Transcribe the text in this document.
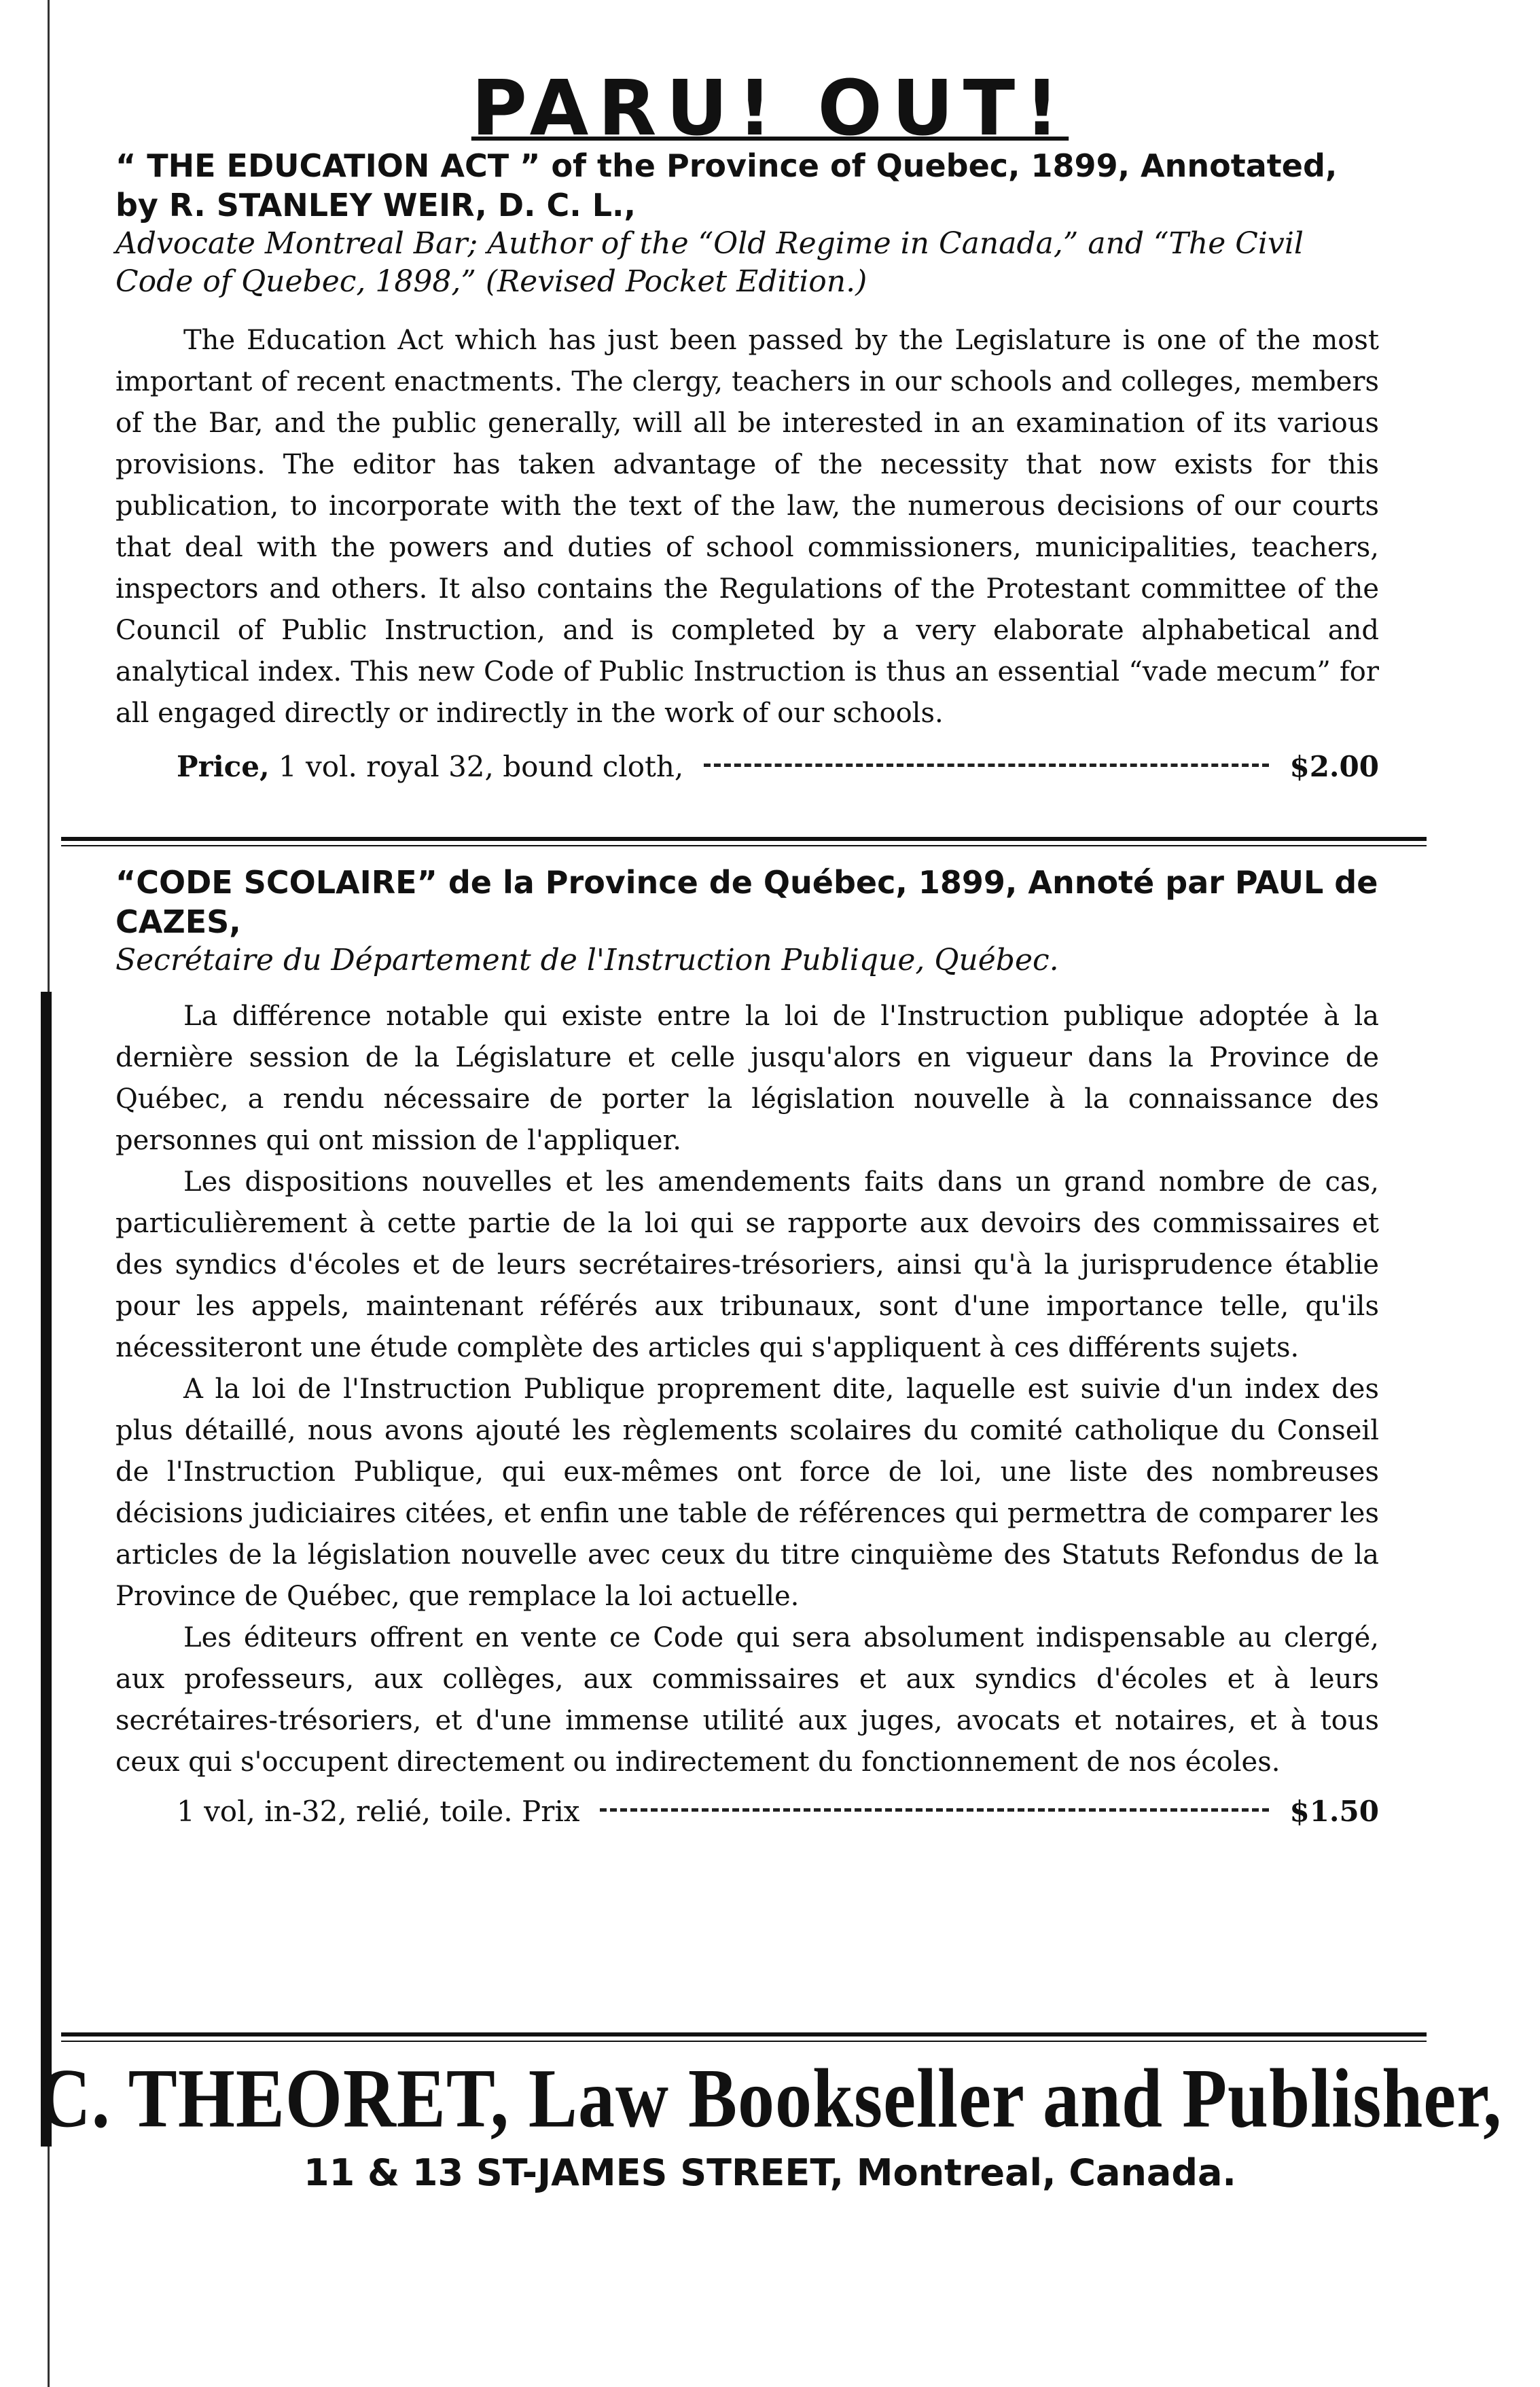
PARU! OUT!

“ THE EDUCATION ACT ” of the Province of Quebec, 1899, Annotated, by R. STANLEY WEIR, D. C. L.,

Advocate Montreal Bar; Author of the “Old Regime in Canada,” and “The Civil Code of Quebec, 1898,” (Revised Pocket Edition.)

The Education Act which has just been passed by the Legislature is one of the most important of recent enactments. The clergy, teachers in our schools and colleges, members of the Bar, and the public generally, will all be interested in an examination of its various provisions. The editor has taken advantage of the necessity that now exists for this publication, to incorporate with the text of the law, the numerous decisions of our courts that deal with the powers and duties of school commissioners, municipalities, teachers, inspectors and others. It also contains the Regulations of the Protestant committee of the Council of Public Instruction, and is completed by a very elaborate alphabetical and analytical index. This new Code of Public Instruction is thus an essential “vade mecum” for all engaged directly or indirectly in the work of our schools.

Price, 1 vol. royal 32, bound cloth,	$2.00

“CODE SCOLAIRE” de la Province de Québec, 1899, Annoté par PAUL de CAZES,

Secrétaire du Département de l'Instruction Publique, Québec.

La différence notable qui existe entre la loi de l'Instruction publique adoptée à la dernière session de la Législature et celle jusqu'alors en vigueur dans la Province de Québec, a rendu nécessaire de porter la législation nouvelle à la connaissance des personnes qui ont mission de l'appliquer.

Les dispositions nouvelles et les amendements faits dans un grand nombre de cas, particulièrement à cette partie de la loi qui se rapporte aux devoirs des commissaires et des syndics d'écoles et de leurs secrétaires-trésoriers, ainsi qu'à la jurisprudence établie pour les appels, maintenant référés aux tribunaux, sont d'une importance telle, qu'ils nécessiteront une étude complète des articles qui s'appliquent à ces différents sujets.

A la loi de l'Instruction Publique proprement dite, laquelle est suivie d'un index des plus détaillé, nous avons ajouté les règlements scolaires du comité catholique du Conseil de l'Instruction Publique, qui eux-mêmes ont force de loi, une liste des nombreuses décisions judiciaires citées, et enfin une table de références qui permettra de comparer les articles de la législation nouvelle avec ceux du titre cinquième des Statuts Refondus de la Province de Québec, que remplace la loi actuelle.

Les éditeurs offrent en vente ce Code qui sera absolument indispensable au clergé, aux professeurs, aux collèges, aux commissaires et aux syndics d'écoles et à leurs secrétaires-trésoriers, et d'une immense utilité aux juges, avocats et notaires, et à tous ceux qui s'occupent directement ou indirectement du fonctionnement de nos écoles.

1 vol, in-32, relié, toile. Prix	$1.50
C. THEORET, Law Bookseller and Publisher,
11 & 13 ST-JAMES STREET, Montreal, Canada.
